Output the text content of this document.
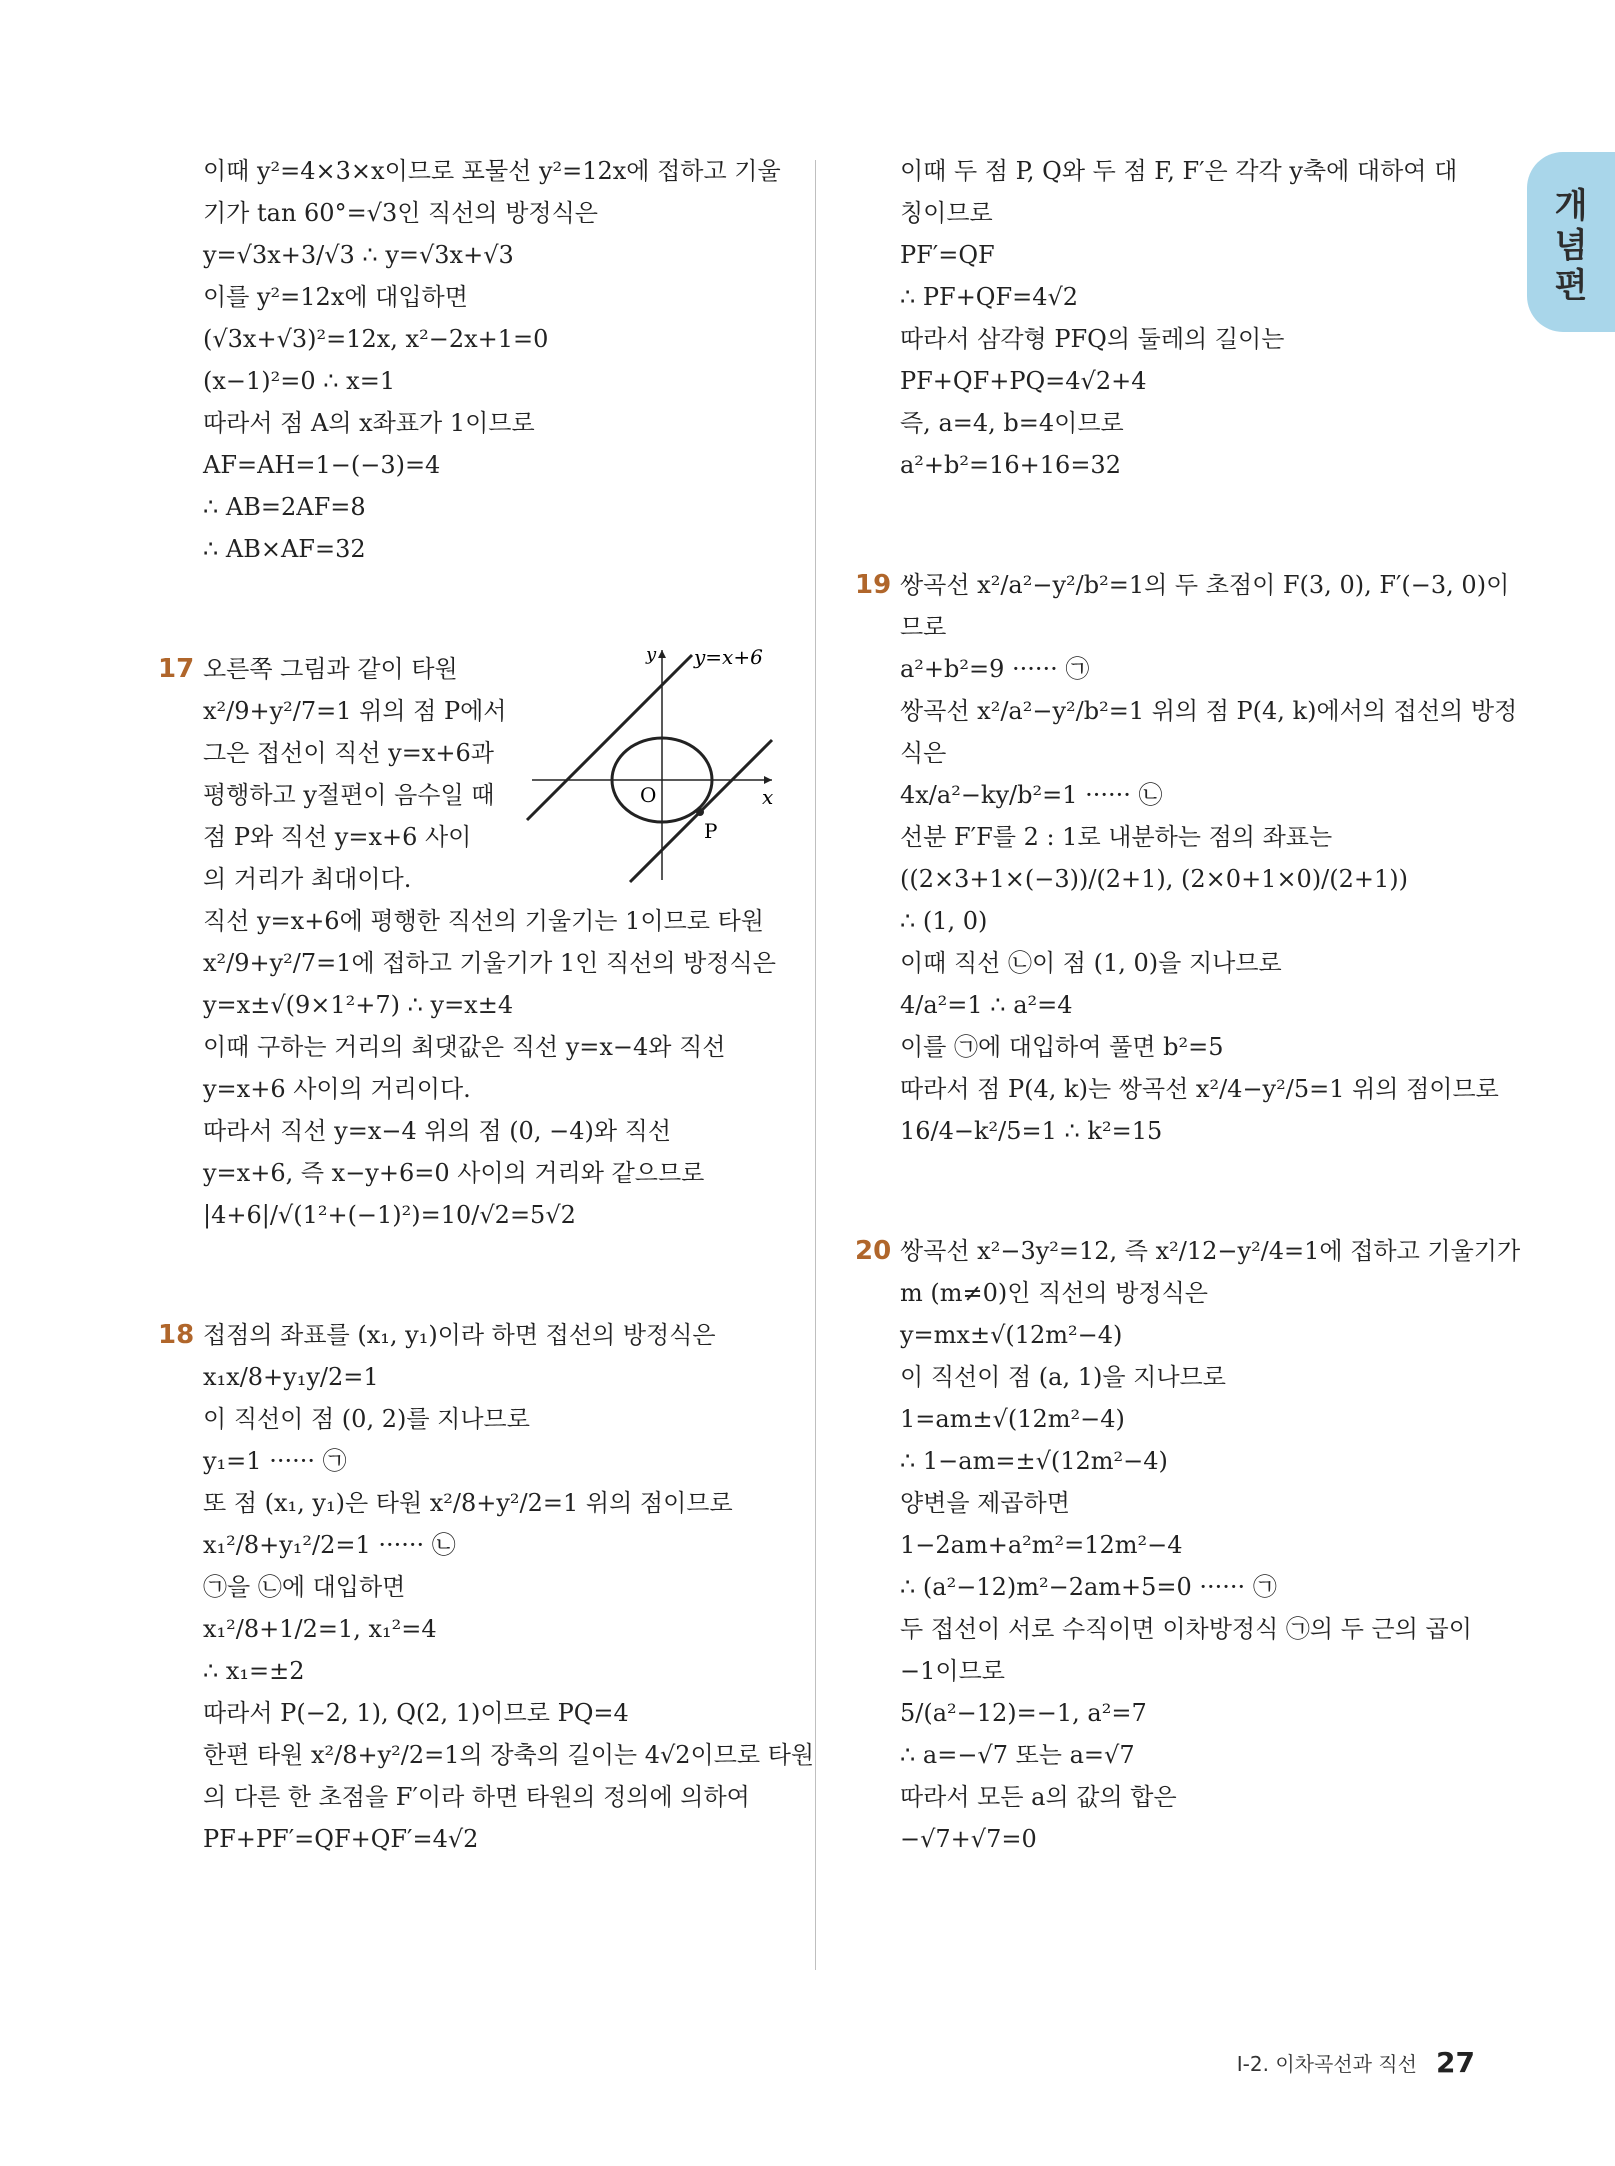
개념편
이때 y²=4×3×x이므로 포물선 y²=12x에 접하고 기울
기가 tan 60°=√3인 직선의 방정식은
y=√3x+3/√3 ∴ y=√3x+√3
이를 y²=12x에 대입하면
(√3x+√3)²=12x, x²−2x+1=0
(x−1)²=0 ∴ x=1
따라서 점 A의 x좌표가 1이므로
AF=AH=1−(−3)=4
∴ AB=2AF=8
∴ AB×AF=32
17 오른쪽 그림과 같이 타원
x²/9+y²/7=1 위의 점 P에서
그은 접선이 직선 y=x+6과
평행하고 y절편이 음수일 때
점 P와 직선 y=x+6 사이
의 거리가 최대이다.
직선 y=x+6에 평행한 직선의 기울기는 1이므로 타원
x²/9+y²/7=1에 접하고 기울기가 1인 직선의 방정식은
y=x±√(9×1²+7) ∴ y=x±4
이때 구하는 거리의 최댓값은 직선 y=x−4와 직선
y=x+6 사이의 거리이다.
따라서 직선 y=x−4 위의 점 (0, −4)와 직선
y=x+6, 즉 x−y+6=0 사이의 거리와 같으므로
|4+6|/√(1²+(−1)²)=10/√2=5√2
18 접점의 좌표를 (x₁, y₁)이라 하면 접선의 방정식은
x₁x/8+y₁y/2=1
이 직선이 점 (0, 2)를 지나므로
y₁=1 ······ ㉠
또 점 (x₁, y₁)은 타원 x²/8+y²/2=1 위의 점이므로
x₁²/8+y₁²/2=1 ······ ㉡
㉠을 ㉡에 대입하면
x₁²/8+1/2=1, x₁²=4
∴ x₁=±2
따라서 P(−2, 1), Q(2, 1)이므로 PQ=4
한편 타원 x²/8+y²/2=1의 장축의 길이는 4√2이므로 타원
의 다른 한 초점을 F′이라 하면 타원의 정의에 의하여
PF+PF′=QF+QF′=4√2
y=x+6
y
x
O
P
이때 두 점 P, Q와 두 점 F, F′은 각각 y축에 대하여 대
칭이므로
PF′=QF
∴ PF+QF=4√2
따라서 삼각형 PFQ의 둘레의 길이는
PF+QF+PQ=4√2+4
즉, a=4, b=4이므로
a²+b²=16+16=32
19 쌍곡선 x²/a²−y²/b²=1의 두 초점이 F(3, 0), F′(−3, 0)이
므로
a²+b²=9 ······ ㉠
쌍곡선 x²/a²−y²/b²=1 위의 점 P(4, k)에서의 접선의 방정
식은
4x/a²−ky/b²=1 ······ ㉡
선분 F′F를 2 : 1로 내분하는 점의 좌표는
((2×3+1×(−3))/(2+1), (2×0+1×0)/(2+1))
∴ (1, 0)
이때 직선 ㉡이 점 (1, 0)을 지나므로
4/a²=1 ∴ a²=4
이를 ㉠에 대입하여 풀면 b²=5
따라서 점 P(4, k)는 쌍곡선 x²/4−y²/5=1 위의 점이므로
16/4−k²/5=1 ∴ k²=15
20 쌍곡선 x²−3y²=12, 즉 x²/12−y²/4=1에 접하고 기울기가
m (m≠0)인 직선의 방정식은
y=mx±√(12m²−4)
이 직선이 점 (a, 1)을 지나므로
1=am±√(12m²−4)
∴ 1−am=±√(12m²−4)
양변을 제곱하면
1−2am+a²m²=12m²−4
∴ (a²−12)m²−2am+5=0 ······ ㉠
두 접선이 서로 수직이면 이차방정식 ㉠의 두 근의 곱이
−1이므로
5/(a²−12)=−1, a²=7
∴ a=−√7 또는 a=√7
따라서 모든 a의 값의 합은
−√7+√7=0
I-2. 이차곡선과 직선 27
